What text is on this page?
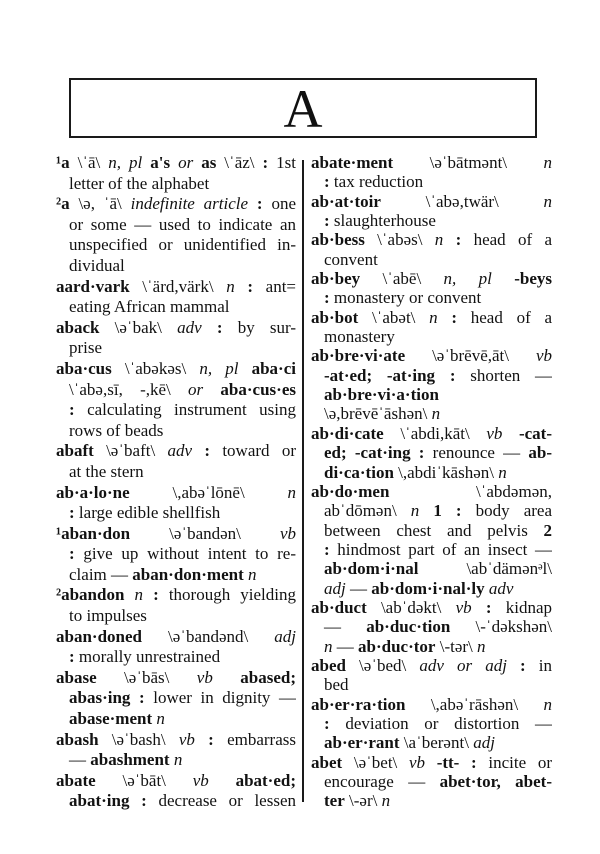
A
¹a \ˈā\ n, pl a's or as \ˈāz\ : 1st
letter of the alphabet
²a \ə, ˈā\ indefinite article : one
or some — used to indicate an
unspecified or unidentified in-
dividual
aard·vark \ˈärd,värk\ n : ant=
eating African mammal
aback \əˈbak\ adv : by sur-
prise
aba·cus \ˈabəkəs\ n, pl aba·ci
\ˈabə,sī, -,kē\ or aba·cus·es
: calculating instrument using
rows of beads
abaft \əˈbaft\ adv : toward or
at the stern
ab·a·lo·ne \,abəˈlōnē\ n
: large edible shellfish
¹aban·don \əˈbandən\ vb
: give up without intent to re-
claim — aban·don·ment n
²abandon n : thorough yielding
to impulses
aban·doned \əˈbandənd\ adj
: morally unrestrained
abase \əˈbās\ vb abased;
abas·ing : lower in dignity —
abase·ment n
abash \əˈbash\ vb : embarrass
— abashment n
abate \əˈbāt\ vb abat·ed;
abat·ing : decrease or lessen
abate·ment \əˈbātmənt\ n
: tax reduction
ab·at·toir \ˈabə,twär\ n
: slaughterhouse
ab·bess \ˈabəs\ n : head of a
convent
ab·bey \ˈabē\ n, pl -beys
: monastery or convent
ab·bot \ˈabət\ n : head of a
monastery
ab·bre·vi·ate \əˈbrēvē,āt\ vb
-at·ed; -at·ing : shorten —
ab·bre·vi·a·tion
\ə,brēvēˈāshən\ n
ab·di·cate \ˈabdi,kāt\ vb -cat-
ed; -cat·ing : renounce — ab-
di·ca·tion \,abdiˈkāshən\ n
ab·do·men \ˈabdəmən,
abˈdōmən\ n 1 : body area
between chest and pelvis 2
: hindmost part of an insect —
ab·dom·i·nal \abˈdämənᵊl\
adj — ab·dom·i·nal·ly adv
ab·duct \abˈdəkt\ vb : kidnap
— ab·duc·tion \-ˈdəkshən\
n — ab·duc·tor \-tər\ n
abed \əˈbed\ adv or adj : in
bed
ab·er·ra·tion \,abəˈrāshən\ n
: deviation or distortion —
ab·er·rant \aˈberənt\ adj
abet \əˈbet\ vb -tt- : incite or
encourage — abet·tor, abet-
ter \-ər\ n
